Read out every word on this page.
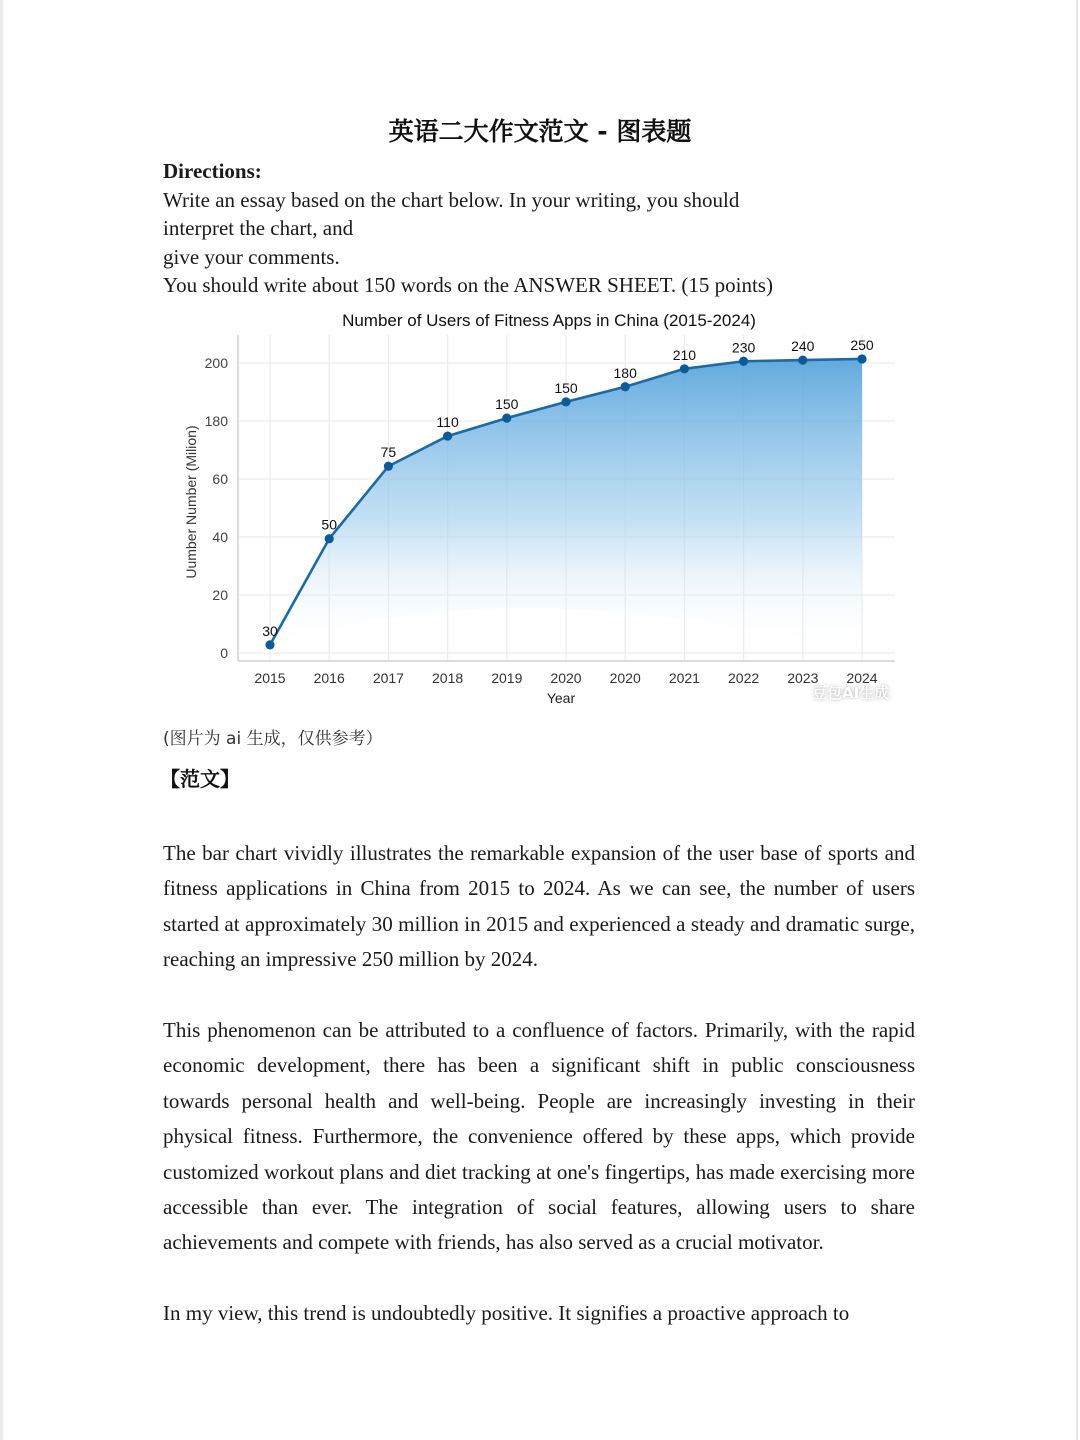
英语二大作文范文 - 图表题
Directions:
Write an essay based on the chart below. In your writing, you should
interpret the chart, and
give your comments.
You should write about 150 words on the ANSWER SHEET. (15 points)
Number of Users of Fitness Apps in China (2015-2024)
0
20
40
60
180
200
2015 2016 2017 2018 2019 2020 2020 2021 2022 2023 2024
30
50
75
110
150
150
180
210	230	240	250
Year
Uumber Number (Milion)
豆包AI生成
(图片为 ai 生成，仅供参考）
【范文】

The bar chart vividly illustrates the remarkable expansion of the user base of sports and fitness applications in China from 2015 to 2024. As we can see, the number of users started at approximately 30 million in 2015 and experienced a steady and dramatic surge, reaching an impressive 250 million by 2024.

This phenomenon can be attributed to a confluence of factors. Primarily, with the rapid economic development, there has been a significant shift in public consciousness towards personal health and well-being. People are increasingly investing in their physical fitness. Furthermore, the convenience offered by these apps, which provide customized workout plans and diet tracking at one's fingertips, has made exercising more accessible than ever. The integration of social features, allowing users to share achievements and compete with friends, has also served as a crucial motivator.

In my view, this trend is undoubtedly positive. It signifies a proactive approach to
